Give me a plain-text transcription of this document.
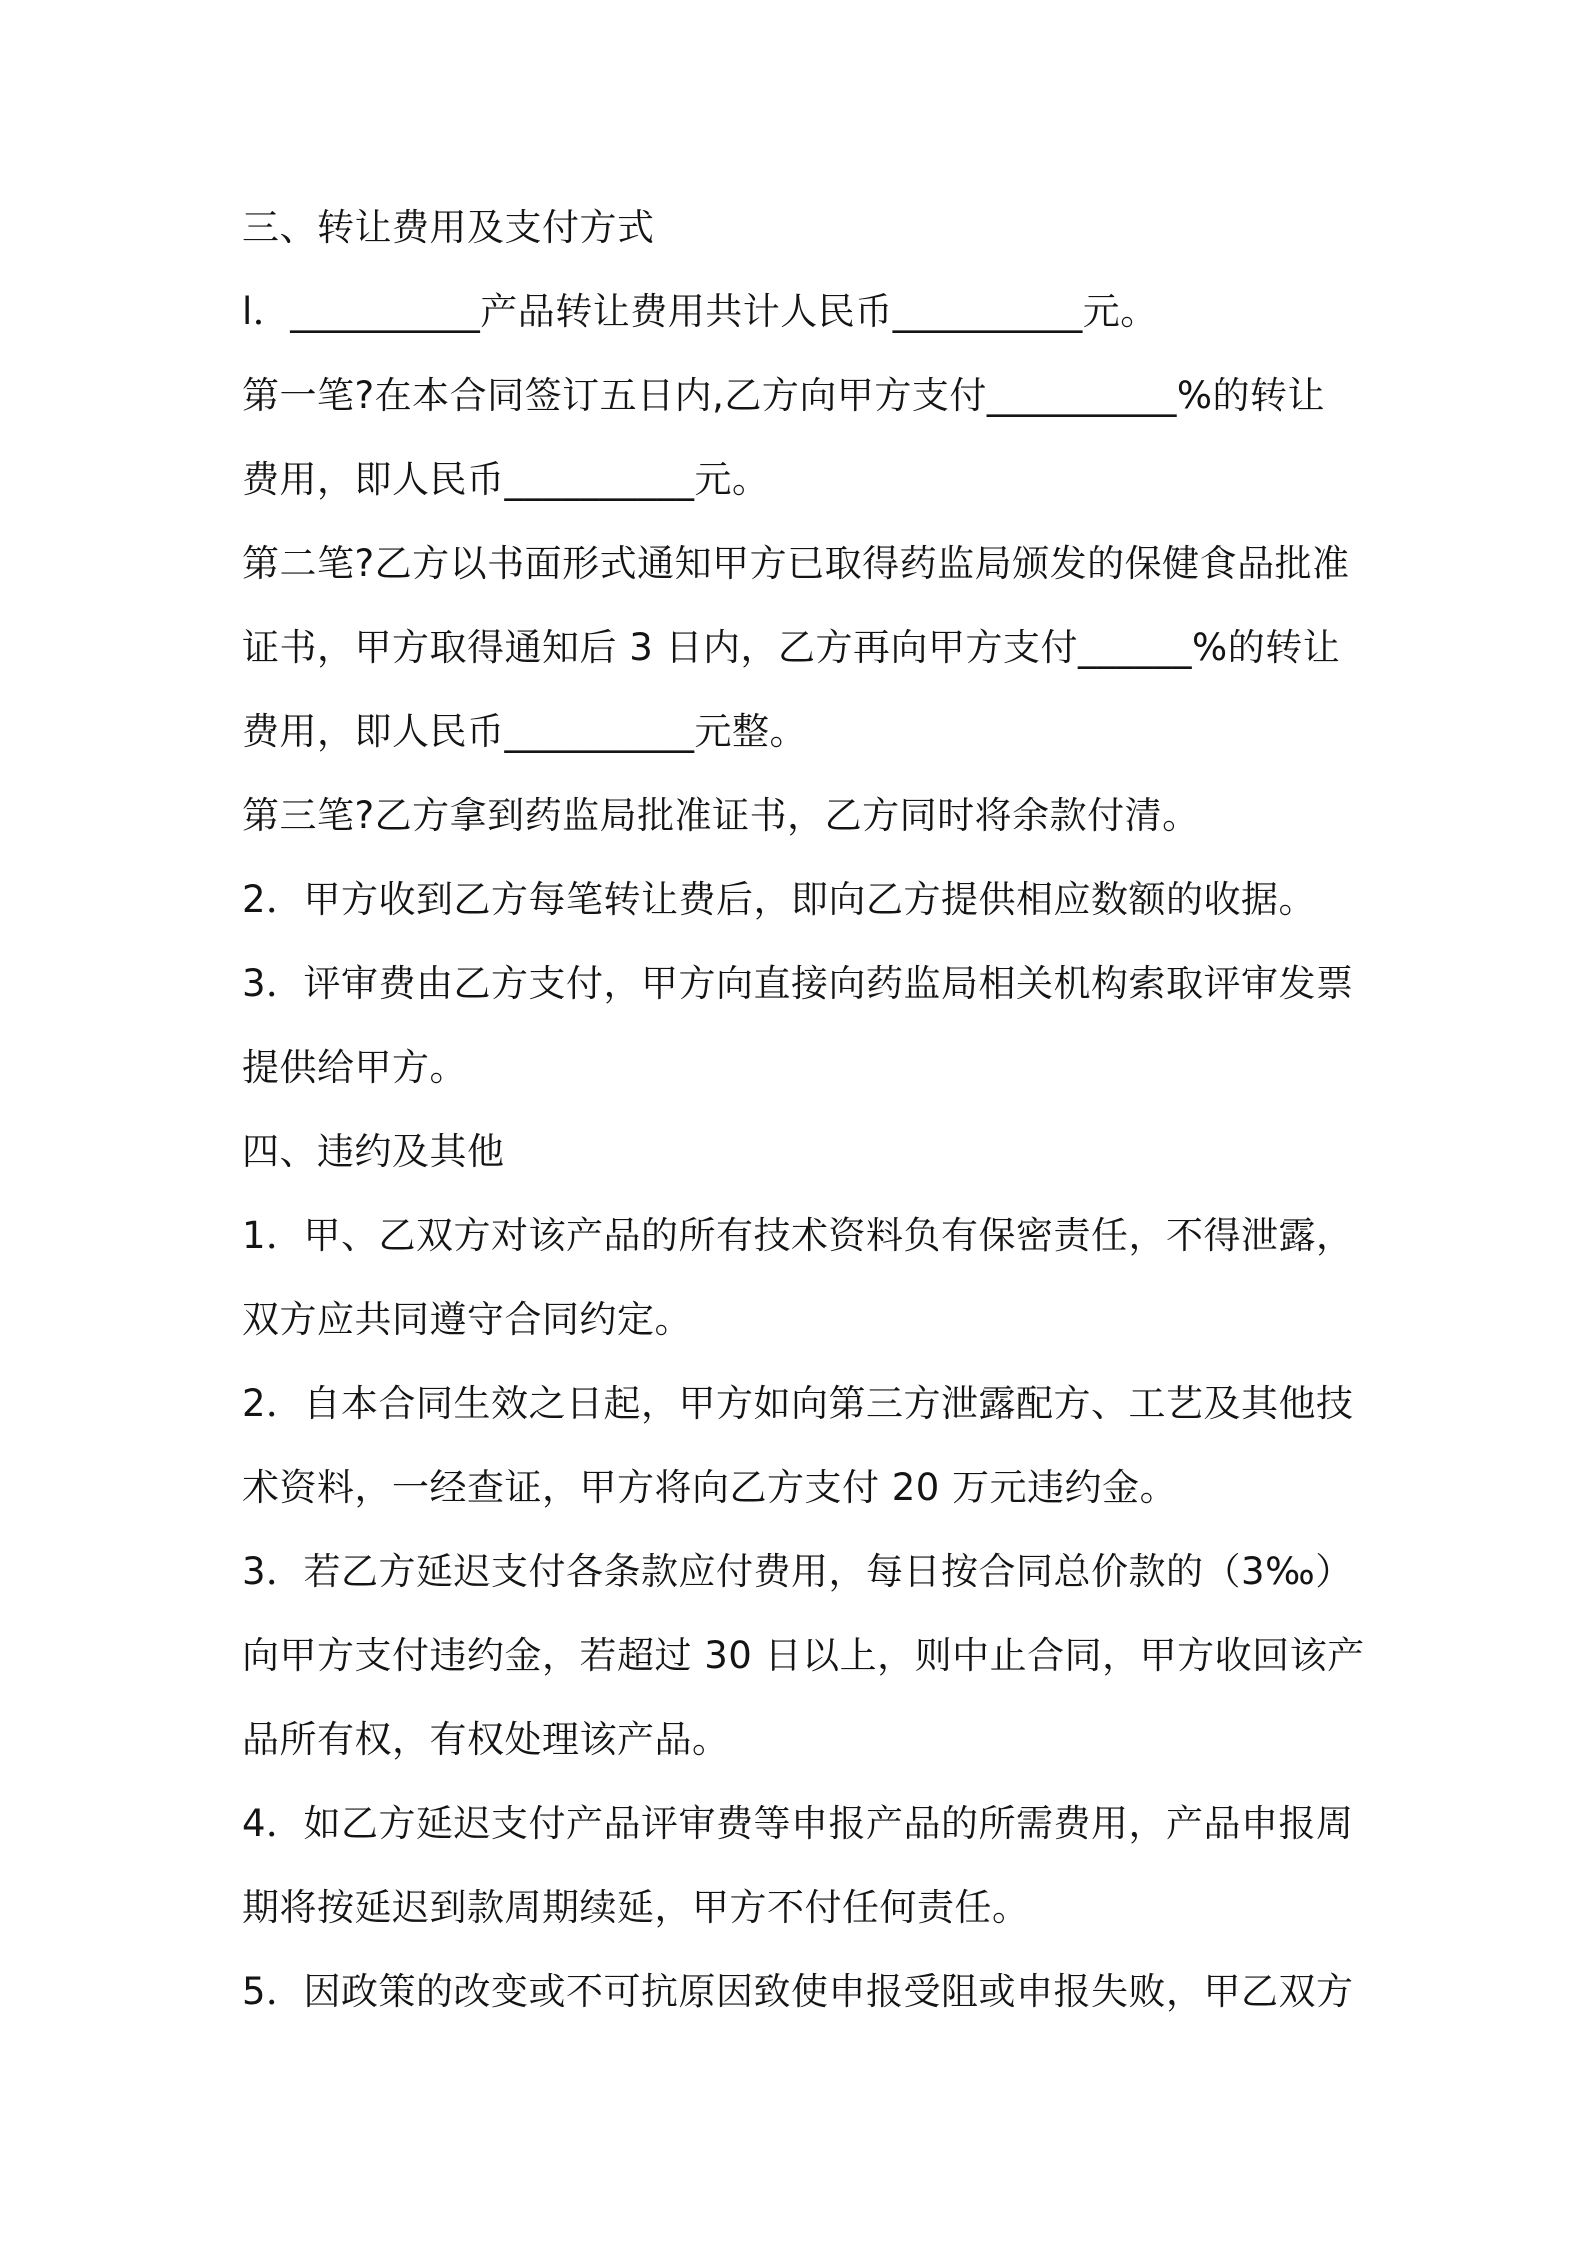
三、转让费用及支付方式
l．__________产品转让费用共计人民币__________元。
第一笔?在本合同签订五日内,乙方向甲方支付__________%的转让
费用，即人民币__________元。
第二笔?乙方以书面形式通知甲方已取得药监局颁发的保健食品批准
证书，甲方取得通知后 3 日内，乙方再向甲方支付______%的转让
费用，即人民币__________元整。
第三笔?乙方拿到药监局批准证书，乙方同时将余款付清。
2．甲方收到乙方每笔转让费后，即向乙方提供相应数额的收据。
3．评审费由乙方支付，甲方向直接向药监局相关机构索取评审发票
提供给甲方。
四、违约及其他
1．甲、乙双方对该产品的所有技术资料负有保密责任，不得泄露，
双方应共同遵守合同约定。
2．自本合同生效之日起，甲方如向第三方泄露配方、工艺及其他技
术资料，一经查证，甲方将向乙方支付 20 万元违约金。
3．若乙方延迟支付各条款应付费用，每日按合同总价款的（3‰）
向甲方支付违约金，若超过 30 日以上，则中止合同，甲方收回该产
品所有权，有权处理该产品。
4．如乙方延迟支付产品评审费等申报产品的所需费用，产品申报周
期将按延迟到款周期续延，甲方不付任何责任。
5．因政策的改变或不可抗原因致使申报受阻或申报失败，甲乙双方
